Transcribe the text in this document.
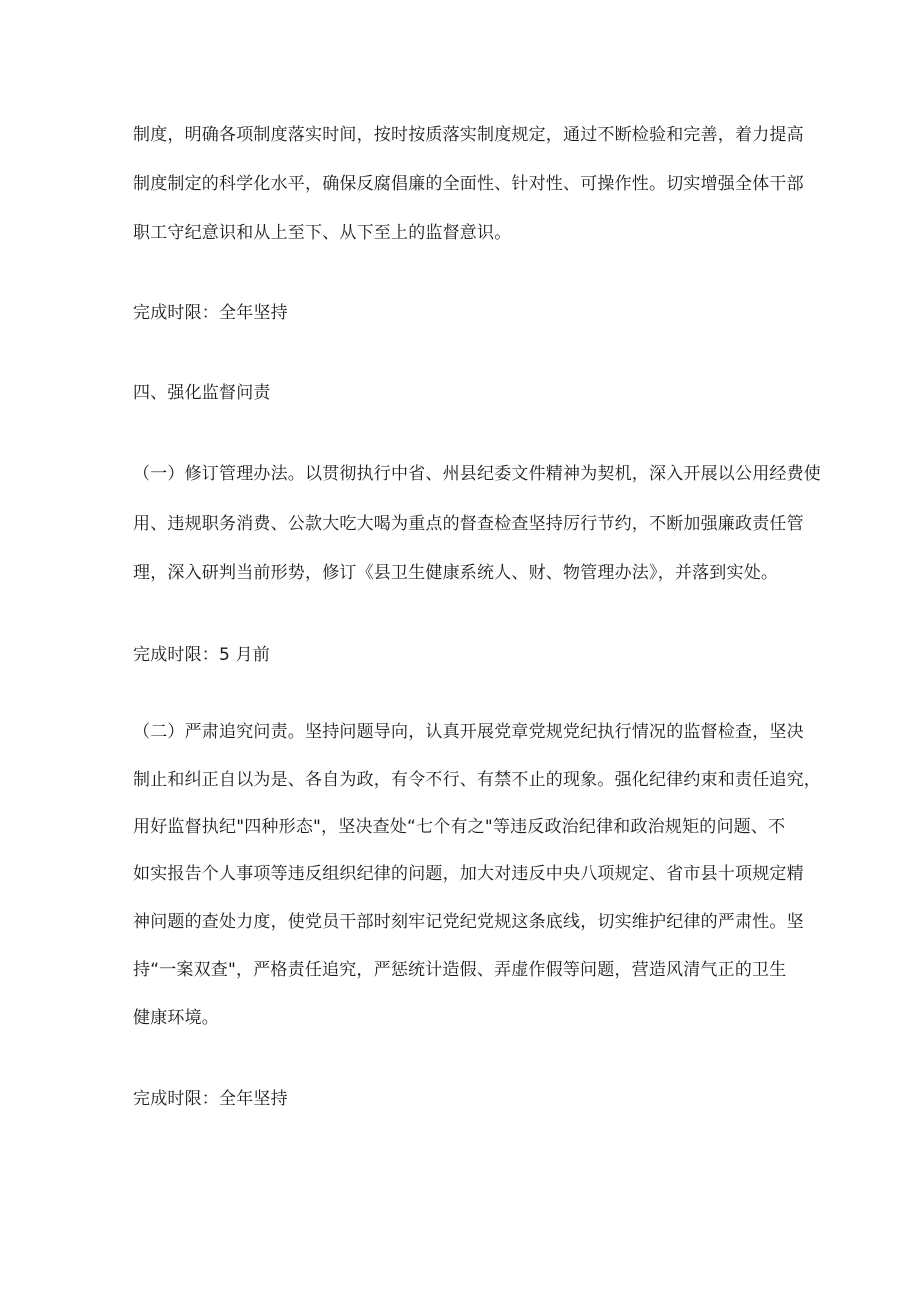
制度，明确各项制度落实时间，按时按质落实制度规定，通过不断检验和完善，着力提高

制度制定的科学化水平，确保反腐倡廉的全面性、针对性、可操作性。切实增强全体干部

职工守纪意识和从上至下、从下至上的监督意识。

完成时限：全年坚持

四、强化监督问责

（一）修订管理办法。以贯彻执行中省、州县纪委文件精神为契机，深入开展以公用经费使

用、违规职务消费、公款大吃大喝为重点的督查检查坚持厉行节约，不断加强廉政责任管

理，深入研判当前形势，修订《县卫生健康系统人、财、物管理办法》，并落到实处。

完成时限：5 月前

（二）严肃追究问责。坚持问题导向，认真开展党章党规党纪执行情况的监督检查，坚决

制止和纠正自以为是、各自为政，有令不行、有禁不止的现象。强化纪律约束和责任追究，

用好监督执纪"四种形态"，坚决查处“七个有之"等违反政治纪律和政治规矩的问题、不

如实报告个人事项等违反组织纪律的问题，加大对违反中央八项规定、省市县十项规定精

神问题的查处力度，使党员干部时刻牢记党纪党规这条底线，切实维护纪律的严肃性。坚

持“一案双查"，严格责任追究，严惩统计造假、弄虚作假等问题，营造风清气正的卫生

健康环境。

完成时限：全年坚持
